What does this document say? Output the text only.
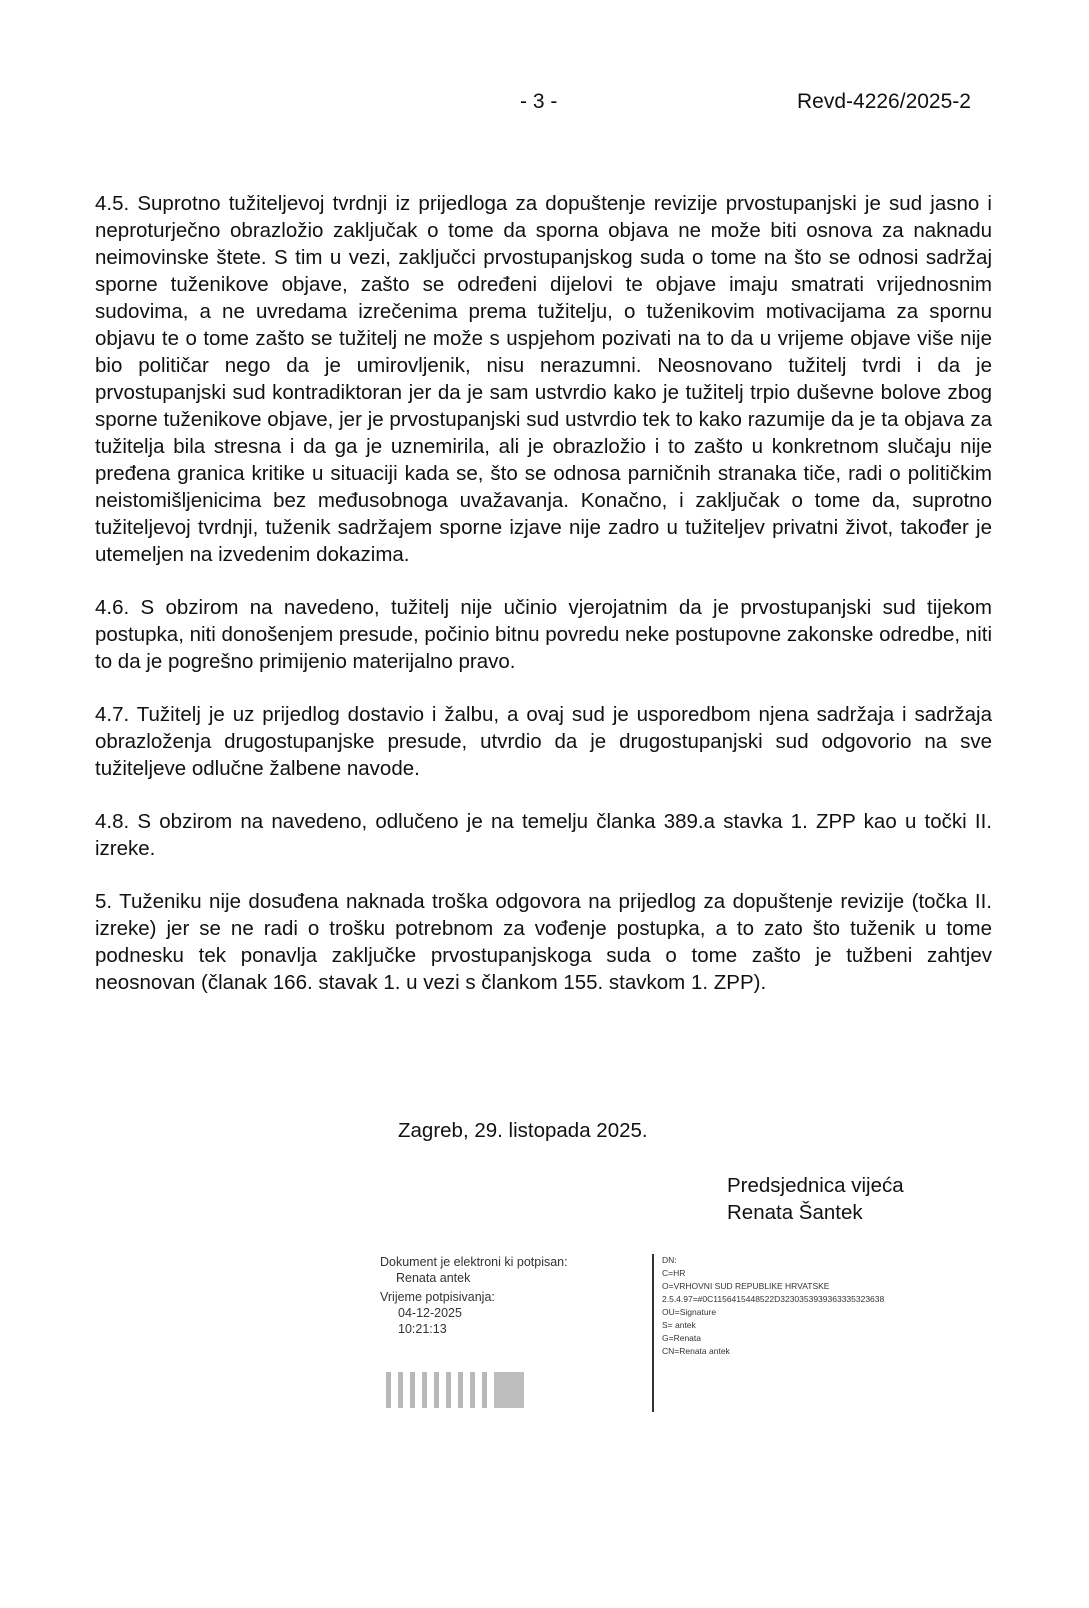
- 3 -	Revd-4226/2025-2

4.5. Suprotno tužiteljevoj tvrdnji iz prijedloga za dopuštenje revizije prvostupanjski je sud jasno i neproturječno obrazložio zaključak o tome da sporna objava ne može biti osnova za naknadu neimovinske štete. S tim u vezi, zaključci prvostupanjskog suda o tome na što se odnosi sadržaj sporne tuženikove objave, zašto se određeni dijelovi te objave imaju smatrati vrijednosnim sudovima, a ne uvredama izrečenima prema tužitelju, o tuženikovim motivacijama za spornu objavu te o tome zašto se tužitelj ne može s uspjehom pozivati na to da u vrijeme objave više nije bio političar nego da je umirovljenik, nisu nerazumni. Neosnovano tužitelj tvrdi i da je prvostupanjski sud kontradiktoran jer da je sam ustvrdio kako je tužitelj trpio duševne bolove zbog sporne tuženikove objave, jer je prvostupanjski sud ustvrdio tek to kako razumije da je ta objava za tužitelja bila stresna i da ga je uznemirila, ali je obrazložio i to zašto u konkretnom slučaju nije pređena granica kritike u situaciji kada se, što se odnosa parničnih stranaka tiče, radi o političkim neistomišljenicima bez međusobnoga uvažavanja. Konačno, i zaključak o tome da, suprotno tužiteljevoj tvrdnji, tuženik sadržajem sporne izjave nije zadro u tužiteljev privatni život, također je utemeljen na izvedenim dokazima.

4.6. S obzirom na navedeno, tužitelj nije učinio vjerojatnim da je prvostupanjski sud tijekom postupka, niti donošenjem presude, počinio bitnu povredu neke postupovne zakonske odredbe, niti to da je pogrešno primijenio materijalno pravo.

4.7. Tužitelj je uz prijedlog dostavio i žalbu, a ovaj sud je usporedbom njena sadržaja i sadržaja obrazloženja drugostupanjske presude, utvrdio da je drugostupanjski sud odgovorio na sve tužiteljeve odlučne žalbene navode.

4.8. S obzirom na navedeno, odlučeno je na temelju članka 389.a stavka 1. ZPP kao u točki II. izreke.

5. Tuženiku nije dosuđena naknada troška odgovora na prijedlog za dopuštenje revizije (točka II. izreke) jer se ne radi o trošku potrebnom za vođenje postupka, a to zato što tuženik u tome podnesku tek ponavlja zaključke prvostupanjskoga suda o tome zašto je tužbeni zahtjev neosnovan (članak 166. stavak 1. u vezi s člankom 155. stavkom 1. ZPP).

Zagreb, 29. listopada 2025.
Predsjednica vijeća
Renata Šantek
Dokument je elektroni ki potpisan:
Renata antek
Vrijeme potpisivanja:
04-12-2025
10:21:13
DN:
C=HR
O=VRHOVNI SUD REPUBLIKE HRVATSKE
2.5.4.97=#0C1156415448522D3230353939363335323638
OU=Signature
S= antek
G=Renata
CN=Renata antek
